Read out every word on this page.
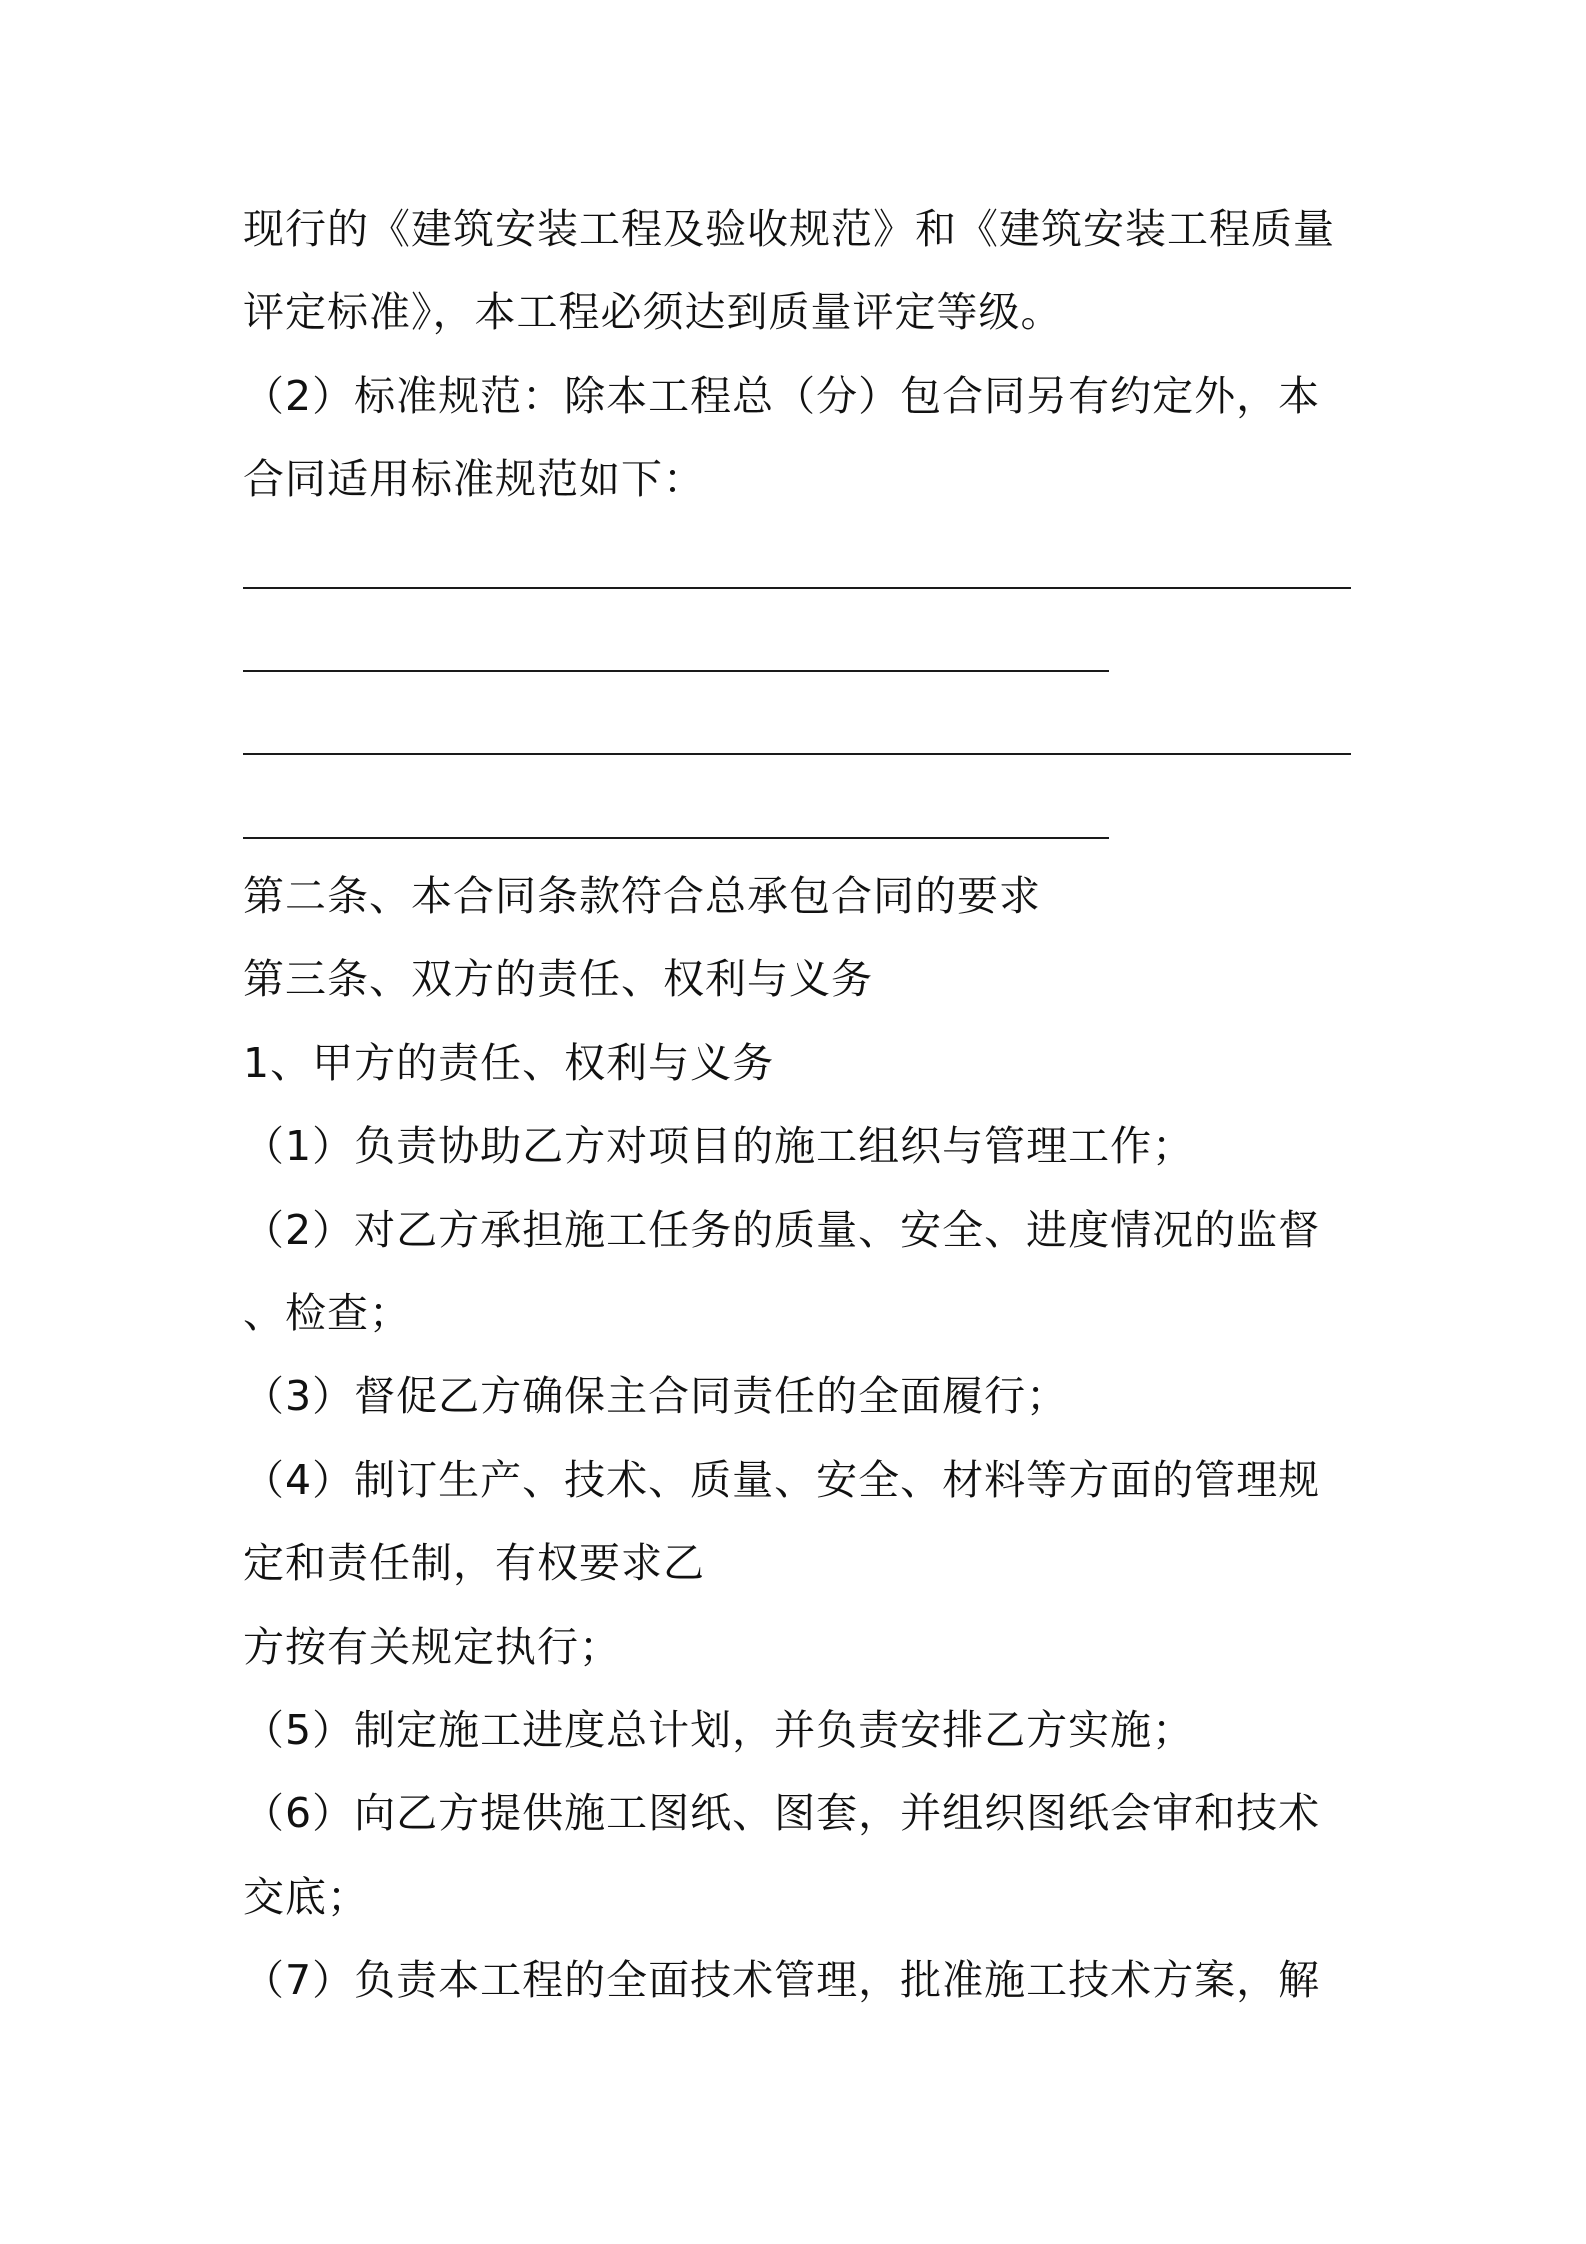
现行的《建筑安装工程及验收规范》和《建筑安装工程质量
评定标准》，本工程必须达到质量评定等级。
（2）标准规范：除本工程总（分）包合同另有约定外，本
合同适用标准规范如下：
第二条、本合同条款符合总承包合同的要求
第三条、双方的责任、权利与义务
1、甲方的责任、权利与义务
（1）负责协助乙方对项目的施工组织与管理工作；
（2）对乙方承担施工任务的质量、安全、进度情况的监督
、检查；
（3）督促乙方确保主合同责任的全面履行；
（4）制订生产、技术、质量、安全、材料等方面的管理规
定和责任制，有权要求乙
方按有关规定执行；
（5）制定施工进度总计划，并负责安排乙方实施；
（6）向乙方提供施工图纸、图套，并组织图纸会审和技术
交底；
（7）负责本工程的全面技术管理，批准施工技术方案，解
